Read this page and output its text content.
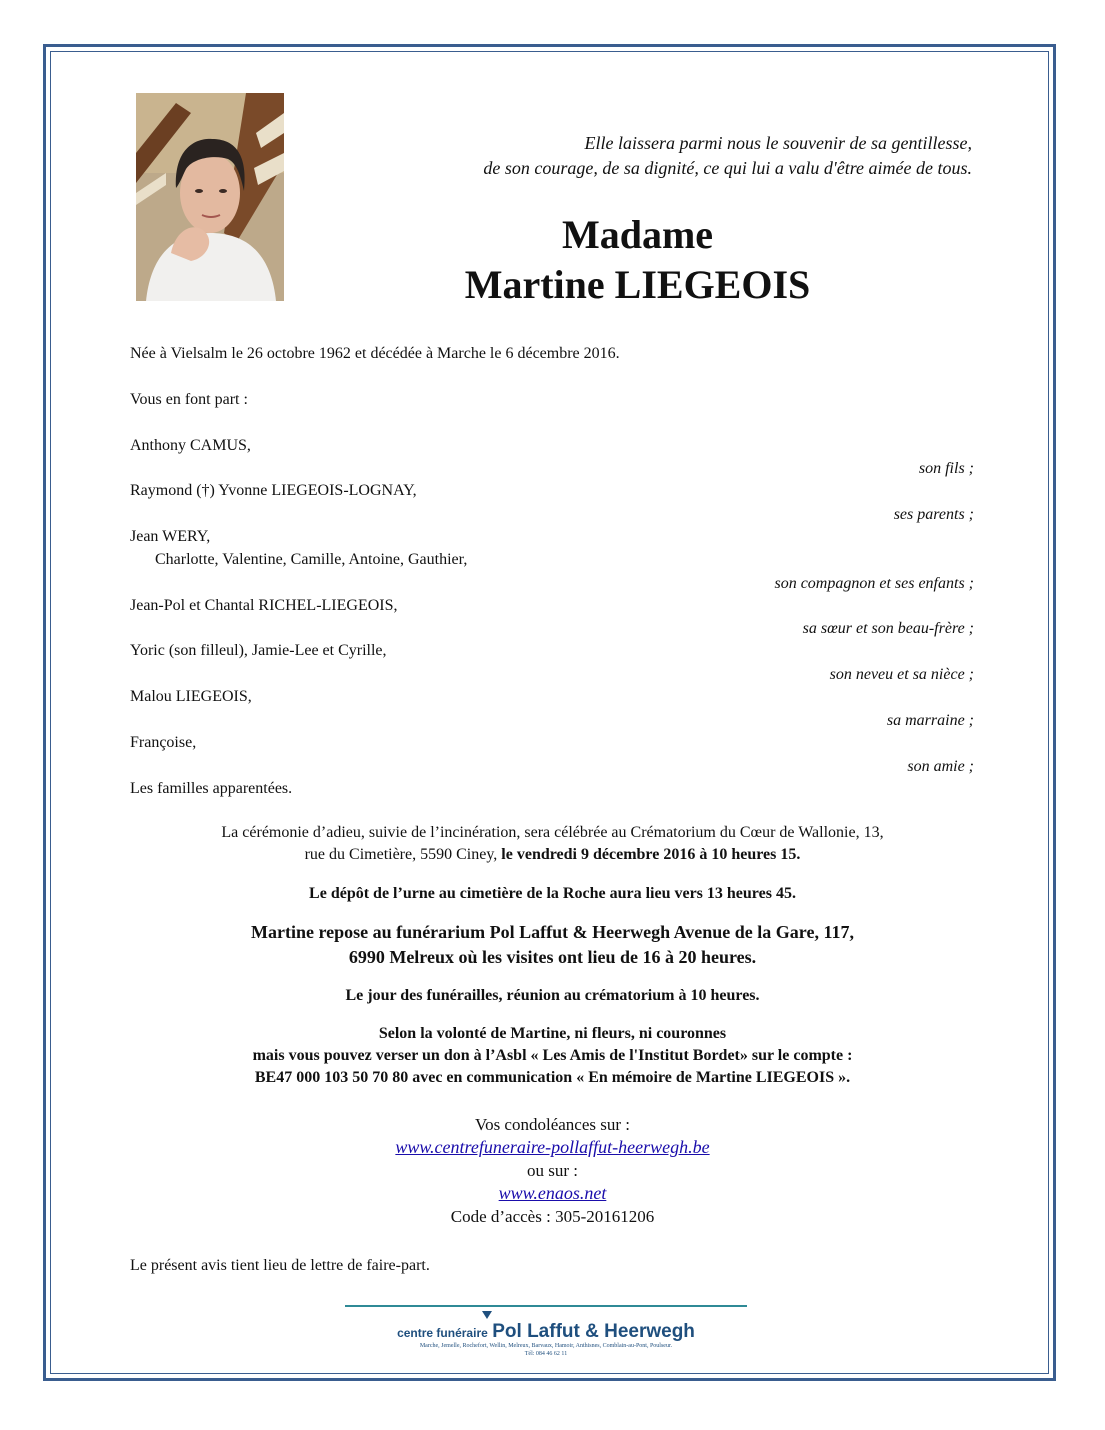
Elle laissera parmi nous le souvenir de sa gentillesse,
de son courage, de sa dignité, ce qui lui a valu d'être aimée de tous.
Madame
Martine LIEGEOIS
Née à Vielsalm le 26 octobre 1962 et décédée à Marche le 6 décembre 2016.
Vous en font part :
Anthony CAMUS,
son fils ;
Raymond (†) Yvonne LIEGEOIS-LOGNAY,
ses parents ;
Jean WERY,
Charlotte, Valentine, Camille, Antoine, Gauthier,
son compagnon et ses enfants ;
Jean-Pol et Chantal RICHEL-LIEGEOIS,
sa sœur et son beau-frère ;
Yoric (son filleul), Jamie-Lee et Cyrille,
son neveu et sa nièce ;
Malou LIEGEOIS,
sa marraine ;
Françoise,
son amie ;
Les familles apparentées.
La cérémonie d’adieu, suivie de l’incinération, sera célébrée au Crématorium du Cœur de Wallonie, 13,
rue du Cimetière, 5590 Ciney, le vendredi 9 décembre 2016 à 10 heures 15.
Le dépôt de l’urne au cimetière de la Roche aura lieu vers 13 heures 45.
Martine repose au funérarium Pol Laffut & Heerwegh Avenue de la Gare, 117,
6990 Melreux où les visites ont lieu de 16 à 20 heures.
Le jour des funérailles, réunion au crématorium à 10 heures.
Selon la volonté de Martine, ni fleurs, ni couronnes
mais vous pouvez verser un don à l’Asbl « Les Amis de l'Institut Bordet» sur le compte :
BE47 000 103 50 70 80 avec en communication « En mémoire de Martine LIEGEOIS ».
Vos condoléances sur :
www.centrefuneraire-pollaffut-heerwegh.be
ou sur :
www.enaos.net
Code d’accès : 305-20161206
Le présent avis tient lieu de lettre de faire-part.
centre funéraire Pol Laffut & Heerwegh
Marche, Jemelle, Rochefort, Wellin, Melreux, Barvaux, Hamoir, Anthisnes, Comblain-au-Pont, Poulseur.
Tél: 084 46 62 11
